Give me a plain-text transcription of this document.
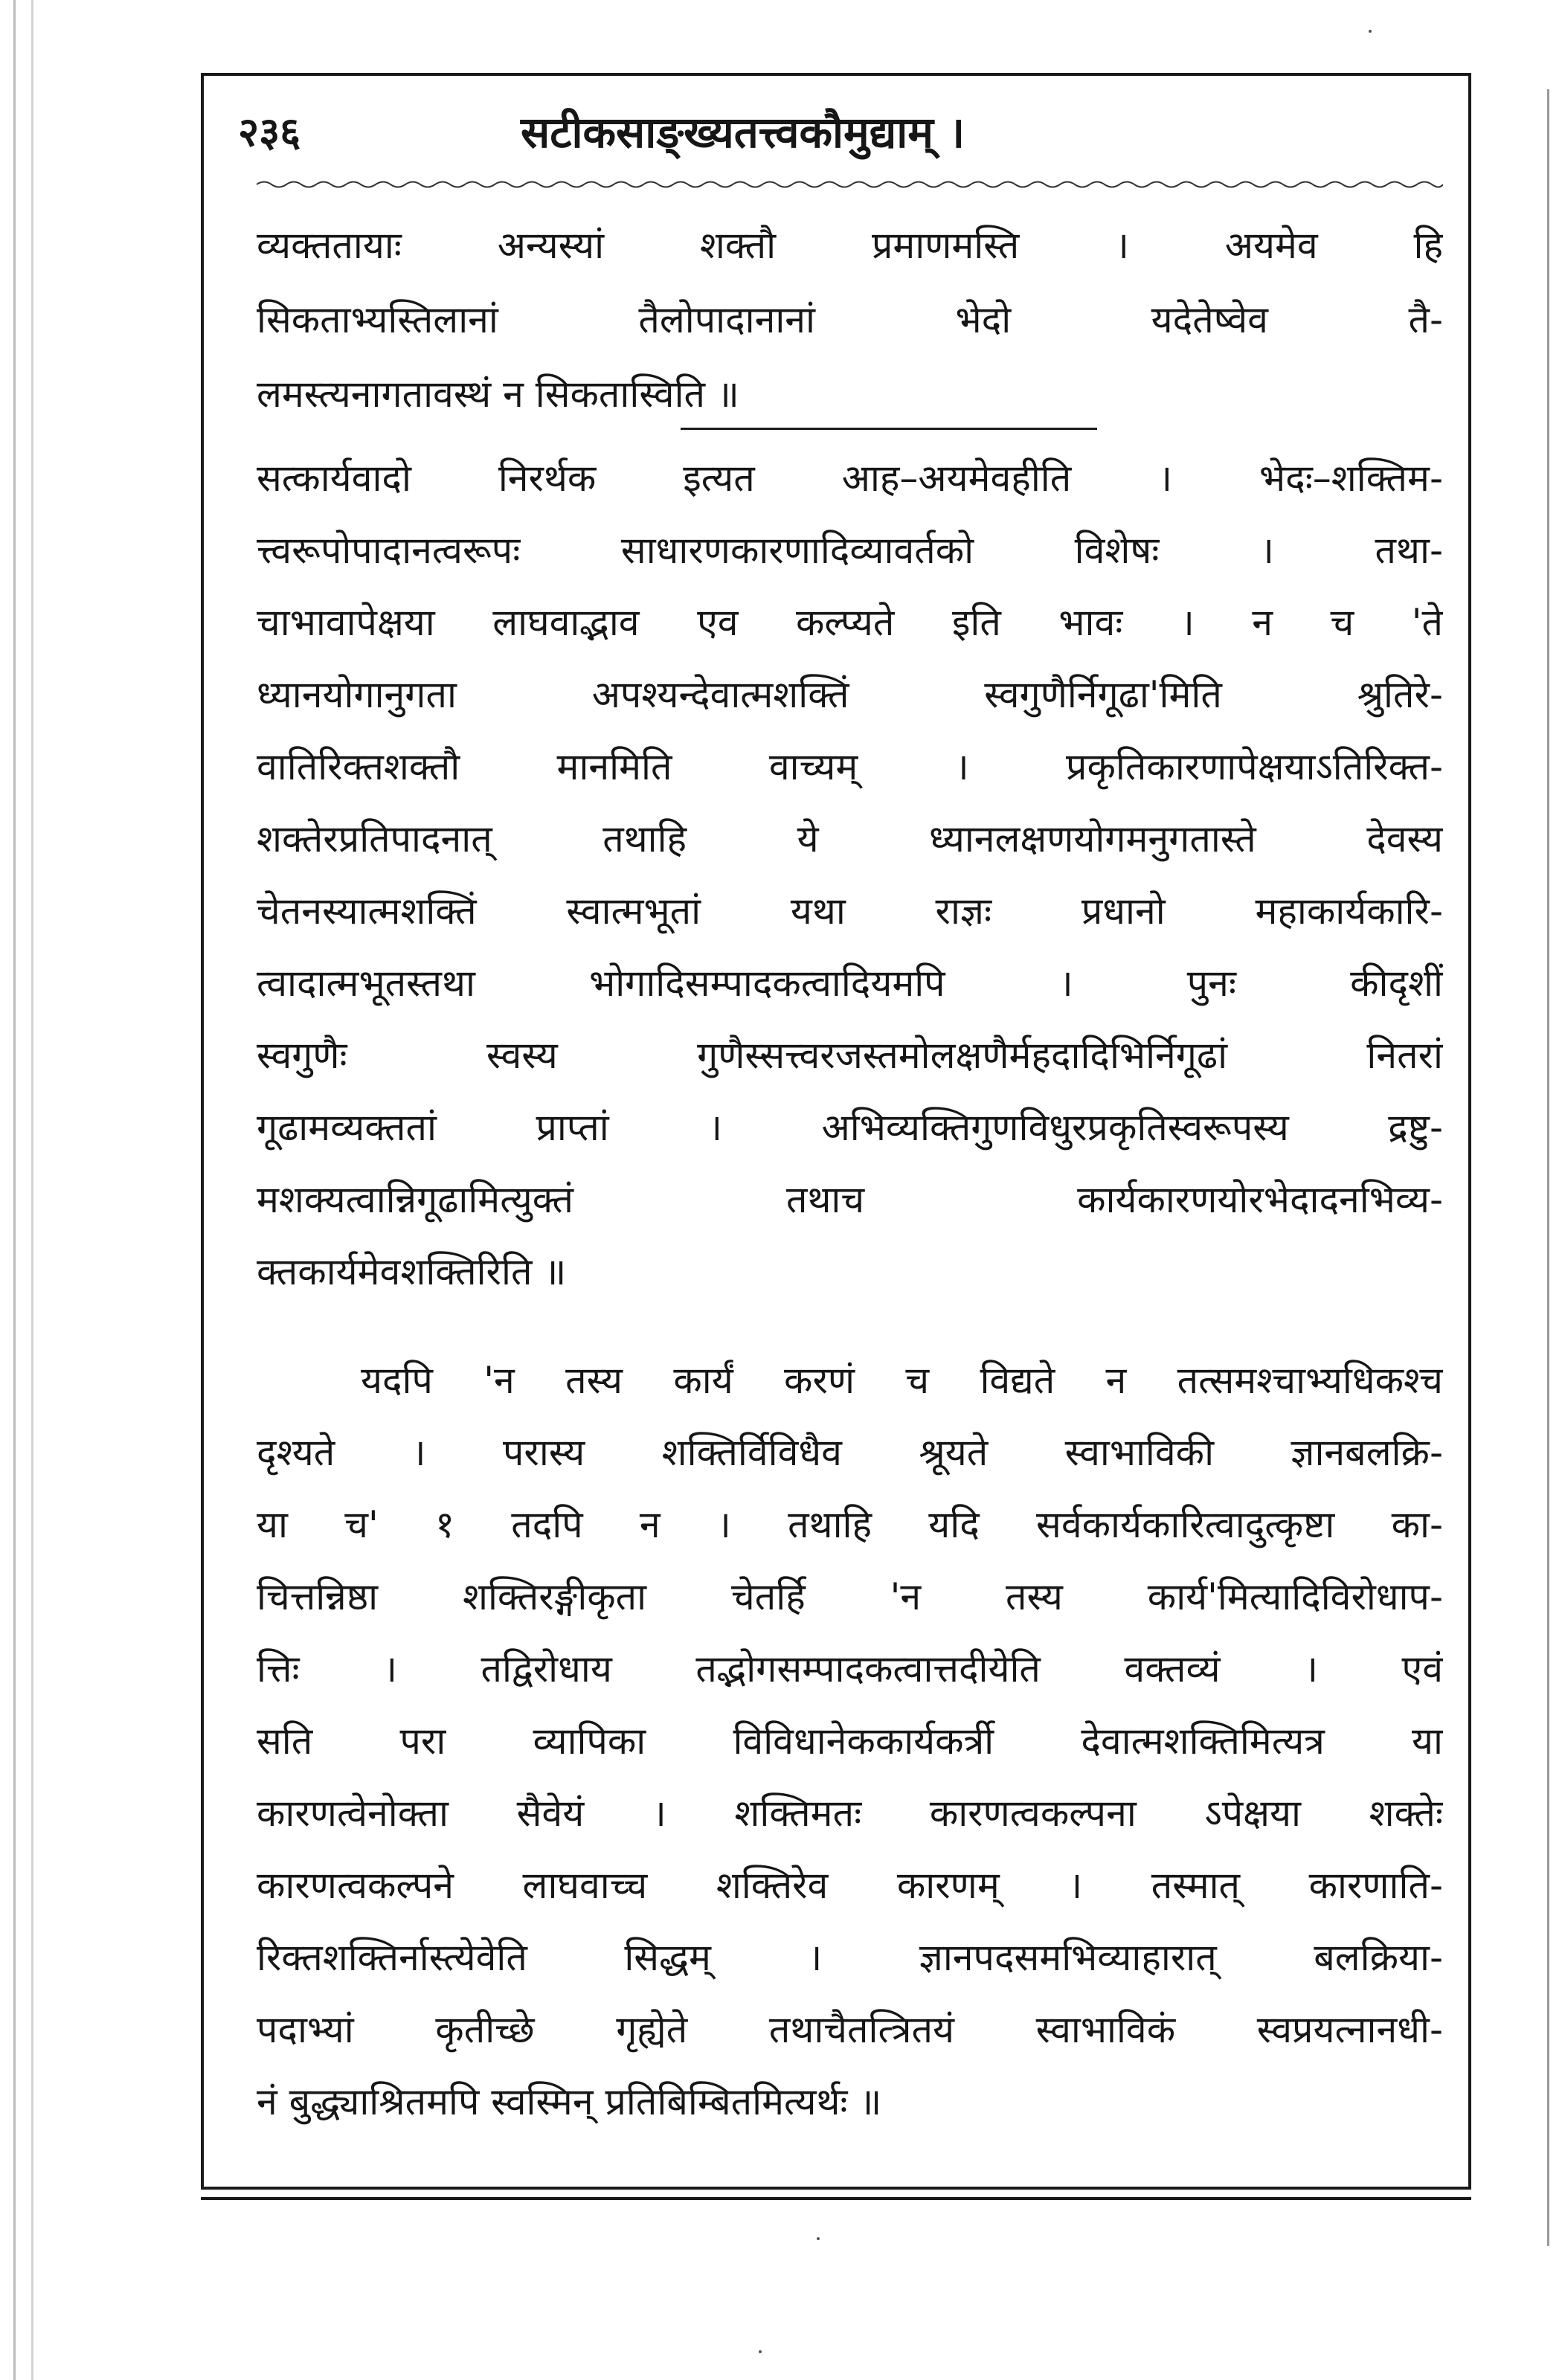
२३६	सटीकसाङ्ख्यतत्त्वकौमुद्याम् ।
व्यक्ततायाः अन्यस्यां शक्तौ प्रमाणमस्ति । अयमेव हि
सिकताभ्यस्तिलानां तैलोपादानानां भेदो यदेतेष्वेव तै-
लमस्त्यनागतावस्थं न सिकतास्विति ॥
सत्कार्यवादो निरर्थक इत्यत आह–अयमेवहीति । भेदः–शक्तिम-
त्त्वरूपोपादानत्वरूपः साधारणकारणादिव्यावर्तको विशेषः । तथा-
चाभावापेक्षया लाघवाद्भाव एव कल्प्यते इति भावः । न च 'ते
ध्यानयोगानुगता अपश्यन्देवात्मशक्तिं स्वगुणैर्निगूढा'मिति श्रुतिरे-
वातिरिक्तशक्तौ मानमिति वाच्यम् । प्रकृतिकारणापेक्षयाऽतिरिक्त-
शक्तेरप्रतिपादनात् तथाहि ये ध्यानलक्षणयोगमनुगतास्ते देवस्य
चेतनस्यात्मशक्तिं स्वात्मभूतां यथा राज्ञः प्रधानो महाकार्यकारि-
त्वादात्मभूतस्तथा भोगादिसम्पादकत्वादियमपि । पुनः कीदृशीं
स्वगुणैः स्वस्य गुणैस्सत्त्वरजस्तमोलक्षणैर्महदादिभिर्निगूढां नितरां
गूढामव्यक्ततां प्राप्तां । अभिव्यक्तिगुणविधुरप्रकृतिस्वरूपस्य द्रष्टु-
मशक्यत्वान्निगूढामित्युक्तं तथाच कार्यकारणयोरभेदादनभिव्य-
क्तकार्यमेवशक्तिरिति ॥
यदपि 'न तस्य कार्यं करणं च विद्यते न तत्समश्चाभ्यधिकश्च
दृश्यते । परास्य शक्तिर्विविधैव श्रूयते स्वाभाविकी ज्ञानबलक्रि-
या च' १ तदपि न । तथाहि यदि सर्वकार्यकारित्वादुत्कृष्टा का-
चित्तन्निष्ठा शक्तिरङ्गीकृता चेतर्हि 'न तस्य कार्य'मित्यादिविरोधाप-
त्तिः । तद्विरोधाय तद्भोगसम्पादकत्वात्तदीयेति वक्तव्यं । एवं
सति परा व्यापिका विविधानेककार्यकर्त्री देवात्मशक्तिमित्यत्र या
कारणत्वेनोक्ता सैवेयं । शक्तिमतः कारणत्वकल्पना ऽपेक्षया शक्तेः
कारणत्वकल्पने लाघवाच्च शक्तिरेव कारणम् । तस्मात् कारणाति-
रिक्तशक्तिर्नास्त्येवेति सिद्धम् । ज्ञानपदसमभिव्याहारात् बलक्रिया-
पदाभ्यां कृतीच्छे गृह्येते तथाचैतत्त्रितयं स्वाभाविकं स्वप्रयत्नानधी-
नं बुद्ध्याश्रितमपि स्वस्मिन् प्रतिबिम्बितमित्यर्थः ॥
